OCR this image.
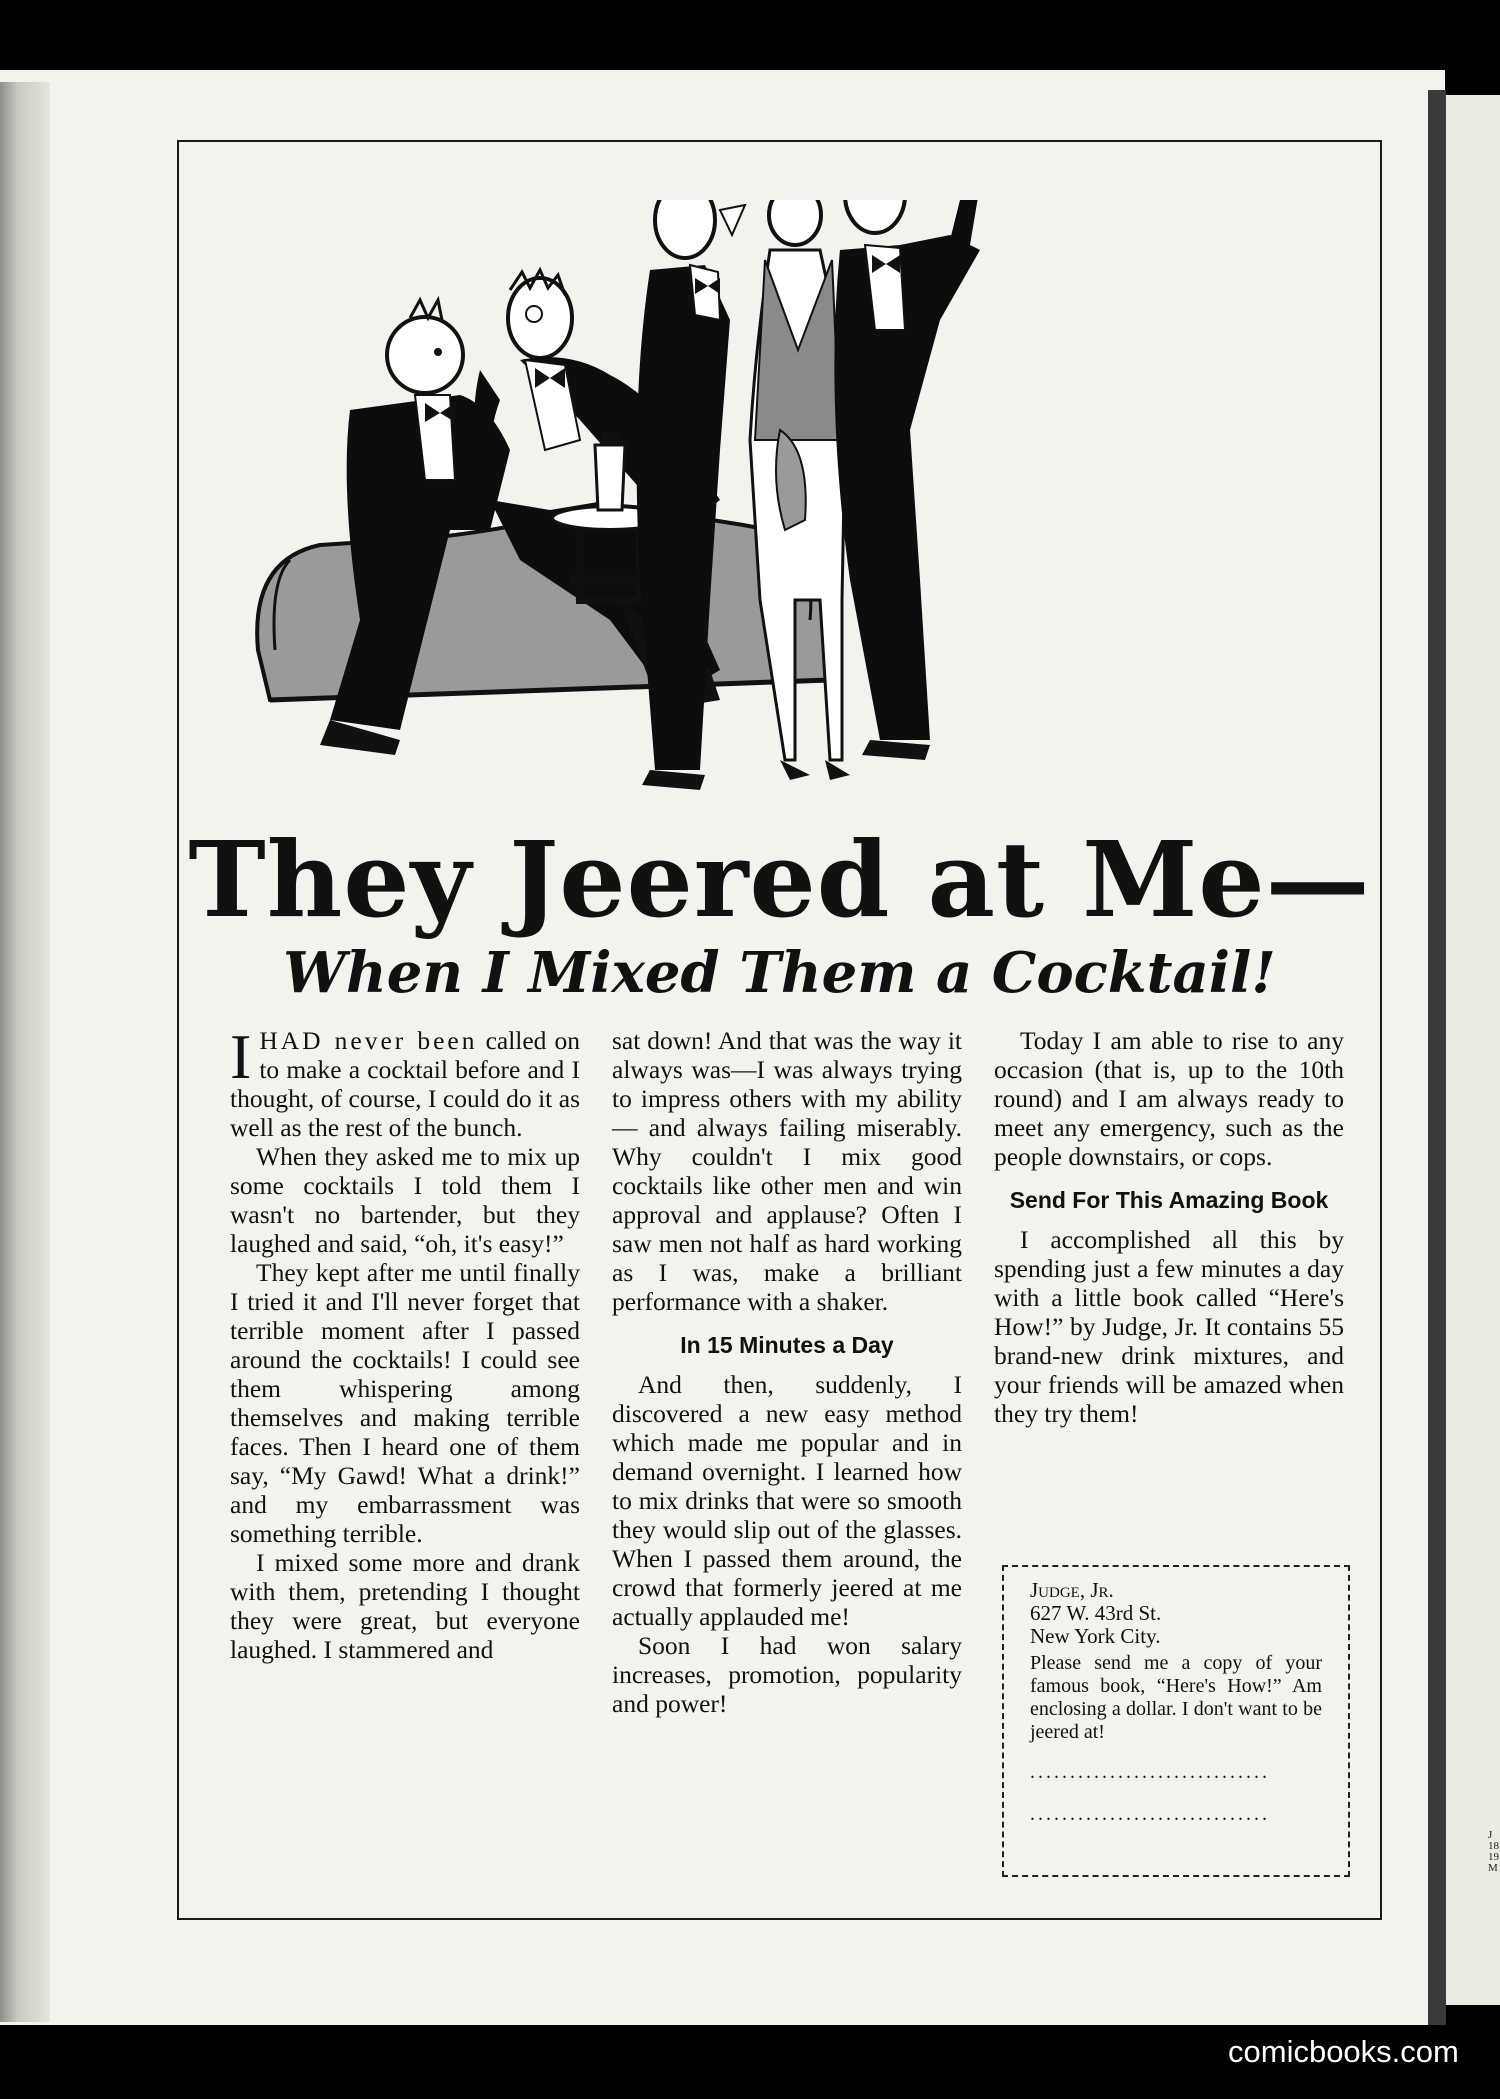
J
18
19
M
They Jeered at Me—
When I Mixed Them a Cocktail!

IHAD never been called on to make a cocktail before and I thought, of course, I could do it as well as the rest of the bunch.

When they asked me to mix up some cocktails I told them I wasn't no bartender, but they laughed and said, “oh, it's easy!”

They kept after me until finally I tried it and I'll never forget that terrible moment after I passed around the cocktails! I could see them whispering among themselves and making terrible faces. Then I heard one of them say, “My Gawd! What a drink!” and my embarrassment was something terrible.

I mixed some more and drank with them, pretending I thought they were great, but everyone laughed. I stammered and

sat down! And that was the way it always was—I was always trying to impress others with my ability — and always failing miserably. Why couldn't I mix good cocktails like other men and win approval and applause? Often I saw men not half as hard working as I was, make a brilliant performance with a shaker.

In 15 Minutes a Day

And then, suddenly, I discovered a new easy method which made me popular and in demand overnight. I learned how to mix drinks that were so smooth they would slip out of the glasses. When I passed them around, the crowd that formerly jeered at me actually applauded me!

Soon I had won salary increases, promotion, popularity and power!

Today I am able to rise to any occasion (that is, up to the 10th round) and I am always ready to meet any emergency, such as the people downstairs, or cops.

Send For This Amazing Book

I accomplished all this by spending just a few minutes a day with a little book called “Here's How!” by Judge, Jr. It contains 55 brand-new drink mixtures, and your friends will be amazed when they try them!

Judge, Jr.
627 W. 43rd St.
New York City.
Please send me a copy of your famous book, “Here's How!” Am enclosing a dollar. I don't want to be jeered at!
..............................
..............................
comicbooks.com
